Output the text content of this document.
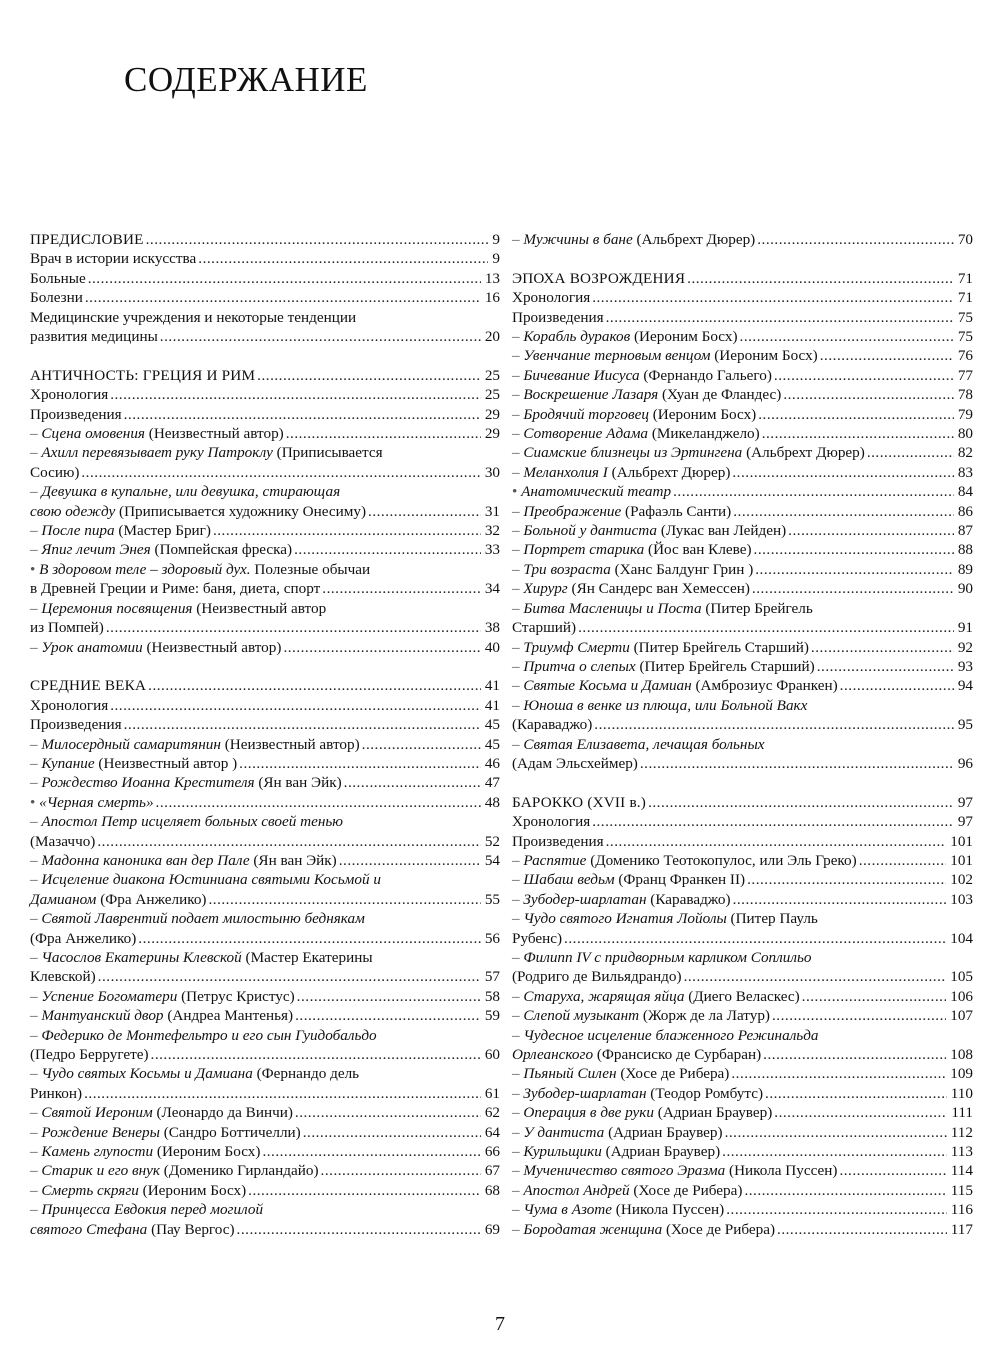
СОДЕРЖАНИЕ
ПРЕДИСЛОВИЕ .....	9
Врач в истории искусства .....	9
Больные .....	13
Болезни .....	16
Медицинские учреждения и некоторые тенденции
развития медицины .....	20
АНТИЧНОСТЬ: ГРЕЦИЯ И РИМ .....	25
Хронология .....	25
Произведения .....	29
– Сцена омовения (Неизвестный автор) .....	29
– Ахилл перевязывает руку Патроклу (Приписывается
Сосию) .....	30
– Девушка в купальне, или девушка, стирающая
свою одежду (Приписывается художнику Онесиму) .....	31
– После пира (Мастер Бриг) .....	32
– Япиг лечит Энея (Помпейская фреска) .....	33
• В здоровом теле – здоровый дух. Полезные обычаи
в Древней Греции и Риме: баня, диета, спорт .....	34
– Церемония посвящения (Неизвестный автор
из Помпей) .....	38
– Урок анатомии (Неизвестный автор) .....	40
СРЕДНИЕ ВЕКА .....	41
Хронология .....	41
Произведения .....	45
– Милосердный самаритянин (Неизвестный автор) .....	45
– Купание (Неизвестный автор ) .....	46
– Рождество Иоанна Крестителя (Ян ван Эйк) .....	47
• «Черная смерть» .....	48
– Апостол Петр исцеляет больных своей тенью
(Мазаччо) .....	52
– Мадонна каноника ван дер Пале (Ян ван Эйк) .....	54
– Исцеление диакона Юстиниана святыми Косьмой и
Дамианом (Фра Анжелико) .....	55
– Святой Лаврентий подает милостыню беднякам
(Фра Анжелико) .....	56
– Часослов Екатерины Клевской (Мастер Екатерины
Клевской) .....	57
– Успение Богоматери (Петрус Кристус) .....	58
– Мантуанский двор (Андреа Мантенья) .....	59
– Федерико де Монтефельтро и его сын Гуидобальдо
(Педро Берругете) .....	60
– Чудо святых Косьмы и Дамиана (Фернандо дель
Ринкон) .....	61
– Святой Иероним (Леонардо да Винчи) .....	62
– Рождение Венеры (Сандро Боттичелли) .....	64
– Камень глупости (Иероним Босх) .....	66
– Старик и его внук (Доменико Гирландайо) .....	67
– Смерть скряги (Иероним Босх) .....	68
– Принцесса Евдокия перед могилой
святого Стефана (Пау Вергос) .....	69
– Мужчины в бане (Альбрехт Дюрер) .....	70
ЭПОХА ВОЗРОЖДЕНИЯ .....	71
Хронология .....	71
Произведения .....	75
– Корабль дураков (Иероним Босх) .....	75
– Увенчание терновым венцом (Иероним Босх) .....	76
– Бичевание Иисуса (Фернандо Гальего) .....	77
– Воскрешение Лазаря (Хуан де Фландес) .....	78
– Бродячий торговец (Иероним Босх) .....	79
– Сотворение Адама (Микеланджело) .....	80
– Сиамские близнецы из Эртингена (Альбрехт Дюрер) .....	82
– Меланхолия I (Альбрехт Дюрер) .....	83
• Анатомический театр .....	84
– Преображение (Рафаэль Санти) .....	86
– Больной у дантиста (Лукас ван Лейден) .....	87
– Портрет старика (Йос ван Клеве) .....	88
– Три возраста (Ханс Балдунг Грин ) .....	89
– Хирург (Ян Сандерс ван Хемессен) .....	90
– Битва Масленицы и Поста (Питер Брейгель
Старший) .....	91
– Триумф Смерти (Питер Брейгель Старший) .....	92
– Притча о слепых (Питер Брейгель Старший) .....	93
– Святые Косьма и Дамиан (Амброзиус Франкен) .....	94
– Юноша в венке из плюща, или Больной Вакх
(Караваджо) .....	95
– Святая Елизавета, лечащая больных
(Адам Эльсхеймер) .....	96
БАРОККО (XVII в.) .....	97
Хронология .....	97
Произведения .....	101
– Распятие (Доменико Теотокопулос, или Эль Греко) .....	101
– Шабаш ведьм (Франц Франкен II) .....	102
– Зубодер-шарлатан (Караваджо) .....	103
– Чудо святого Игнатия Лойолы (Питер Пауль
Рубенс) .....	104
– Филипп IV с придворным карликом Соплильо
(Родриго де Вильядрандо) .....	105
– Старуха, жарящая яйца (Диего Веласкес) .....	106
– Слепой музыкант (Жорж де ла Латур) .....	107
– Чудесное исцеление блаженного Режинальда
Орлеанского (Франсиско де Сурбаран) .....	108
– Пьяный Силен (Хосе де Рибера) .....	109
– Зубодер-шарлатан (Теодор Ромбутс) .....	110
– Операция в две руки (Адриан Браувер) .....	111
– У дантиста (Адриан Браувер) .....	112
– Курильщики (Адриан Браувер) .....	113
– Мученичество святого Эразма (Никола Пуссен) .....	114
– Апостол Андрей (Хосе де Рибера) .....	115
– Чума в Азоте (Никола Пуссен) .....	116
– Бородатая женщина (Хосе де Рибера) .....	117
7
